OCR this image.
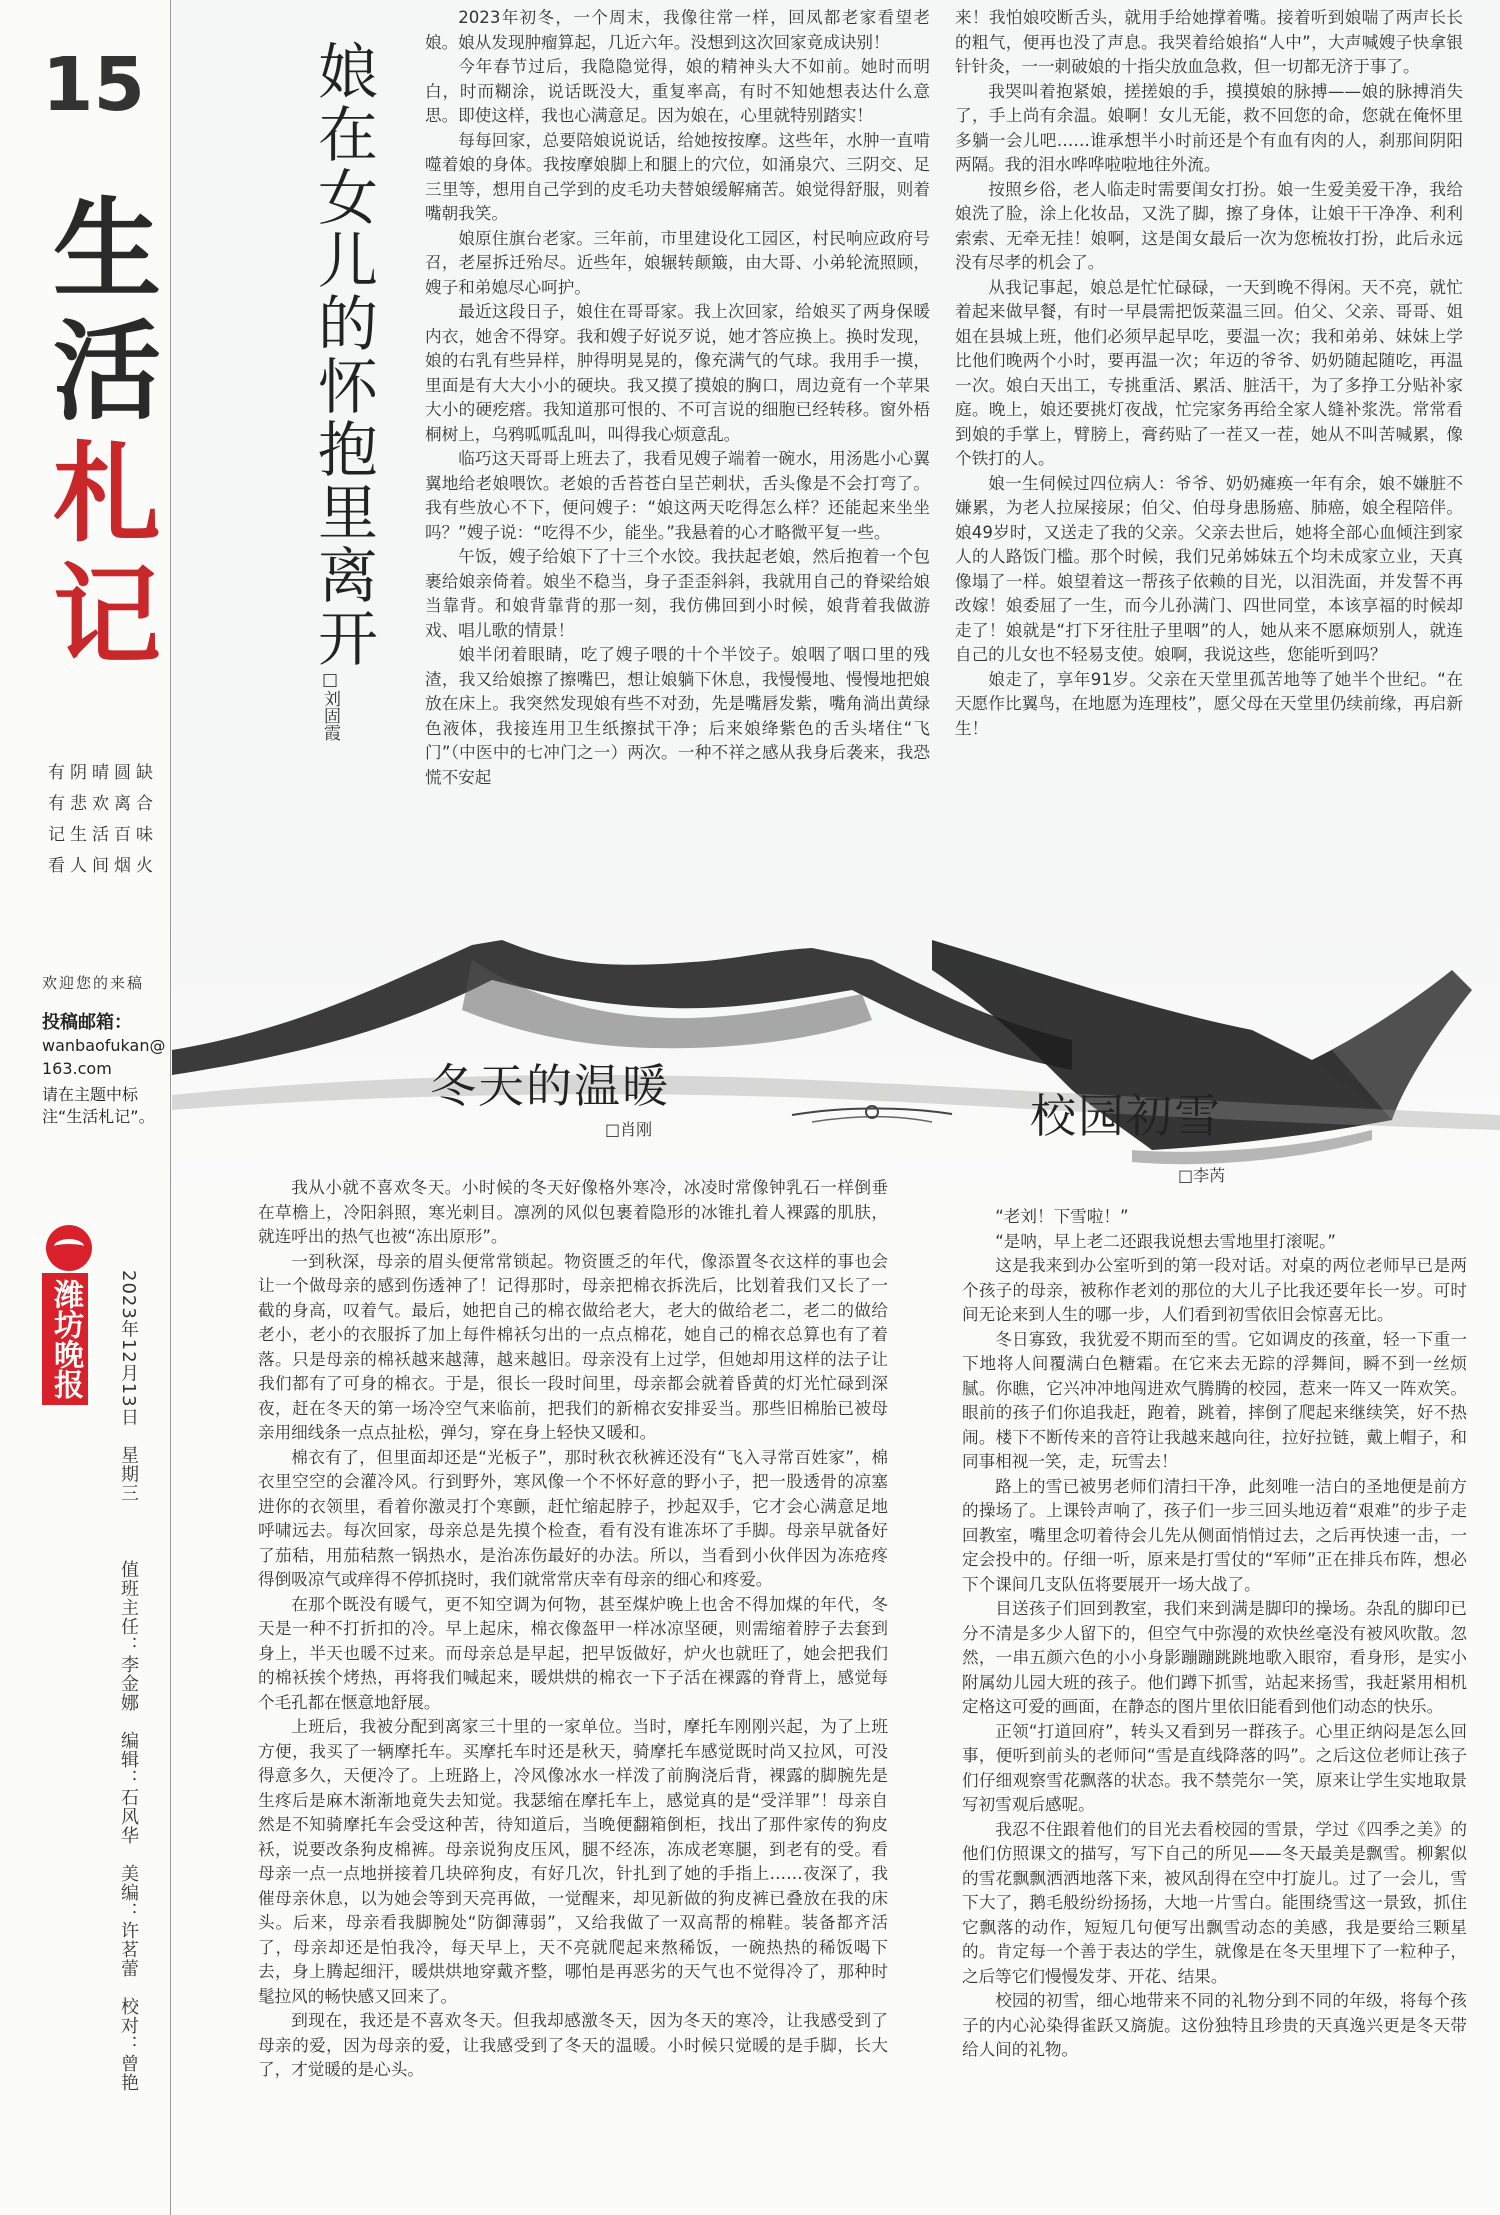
15
生活札记
有阴晴圆缺
有悲欢离合
记生活百味
看人间烟火
欢迎您的来稿
投稿邮箱：
wanbaofukan@163.com
请在主题中标注“生活札记”。
潍坊晚报 2023年12月13日　星期三
值班主任：李金娜　编辑：石风华　美编：许茗蕾　校对：曾艳
娘在女儿的怀抱里离开
□刘固霞

2023年初冬，一个周末，我像往常一样，回凤都老家看望老娘。娘从发现肿瘤算起，几近六年。没想到这次回家竟成诀别！

今年春节过后，我隐隐觉得，娘的精神头大不如前。她时而明白，时而糊涂，说话既没大，重复率高，有时不知她想表达什么意思。即使这样，我也心满意足。因为娘在，心里就特别踏实！

每每回家，总要陪娘说说话，给她按按摩。这些年，水肿一直啃噬着娘的身体。我按摩娘脚上和腿上的穴位，如涌泉穴、三阴交、足三里等，想用自己学到的皮毛功夫替娘缓解痛苦。娘觉得舒服，则着嘴朝我笑。

娘原住旗台老家。三年前，市里建设化工园区，村民响应政府号召，老屋拆迁殆尽。近些年，娘辗转颠簸，由大哥、小弟轮流照顾，嫂子和弟媳尽心呵护。

最近这段日子，娘住在哥哥家。我上次回家，给娘买了两身保暖内衣，她舍不得穿。我和嫂子好说歹说，她才答应换上。换时发现，娘的右乳有些异样，肿得明晃晃的，像充满气的气球。我用手一摸，里面是有大大小小的硬块。我又摸了摸娘的胸口，周边竟有一个苹果大小的硬疙瘩。我知道那可恨的、不可言说的细胞已经转移。窗外梧桐树上，乌鸦呱呱乱叫，叫得我心烦意乱。

临巧这天哥哥上班去了，我看见嫂子端着一碗水，用汤匙小心翼翼地给老娘喂饮。老娘的舌苔苍白呈芒刺状，舌头像是不会打弯了。我有些放心不下，便问嫂子：“娘这两天吃得怎么样？还能起来坐坐吗？”嫂子说：“吃得不少，能坐。”我悬着的心才略微平复一些。

午饭，嫂子给娘下了十三个水饺。我扶起老娘，然后抱着一个包裹给娘亲倚着。娘坐不稳当，身子歪歪斜斜，我就用自己的脊梁给娘当靠背。和娘背靠背的那一刻，我仿佛回到小时候，娘背着我做游戏、唱儿歌的情景！

娘半闭着眼睛，吃了嫂子喂的十个半饺子。娘咽了咽口里的残渣，我又给娘擦了擦嘴巴，想让娘躺下休息，我慢慢地、慢慢地把娘放在床上。我突然发现娘有些不对劲，先是嘴唇发紫，嘴角淌出黄绿色液体，我接连用卫生纸擦拭干净；后来娘绛紫色的舌头堵住“飞门”（中医中的七冲门之一）两次。一种不祥之感从我身后袭来，我恐慌不安起

来！我怕娘咬断舌头，就用手给她撑着嘴。接着听到娘喘了两声长长的粗气，便再也没了声息。我哭着给娘掐“人中”，大声喊嫂子快拿银针针灸，一一刺破娘的十指尖放血急救，但一切都无济于事了。

我哭叫着抱紧娘，搓搓娘的手，摸摸娘的脉搏——娘的脉搏消失了，手上尚有余温。娘啊！女儿无能，救不回您的命，您就在俺怀里多躺一会儿吧……谁承想半小时前还是个有血有肉的人，刹那间阴阳两隔。我的泪水哗哗啦啦地往外流。

按照乡俗，老人临走时需要闺女打扮。娘一生爱美爱干净，我给娘洗了脸，涂上化妆品，又洗了脚，擦了身体，让娘干干净净、利利索索、无牵无挂！娘啊，这是闺女最后一次为您梳妆打扮，此后永远没有尽孝的机会了。

从我记事起，娘总是忙忙碌碌，一天到晚不得闲。天不亮，就忙着起来做早餐，有时一早晨需把饭菜温三回。伯父、父亲、哥哥、姐姐在县城上班，他们必须早起早吃，要温一次；我和弟弟、妹妹上学比他们晚两个小时，要再温一次；年迈的爷爷、奶奶随起随吃，再温一次。娘白天出工，专挑重活、累活、脏活干，为了多挣工分贴补家庭。晚上，娘还要挑灯夜战，忙完家务再给全家人缝补浆洗。常常看到娘的手掌上，臂膀上，膏药贴了一茬又一茬，她从不叫苦喊累，像个铁打的人。

娘一生伺候过四位病人：爷爷、奶奶瘫痪一年有余，娘不嫌脏不嫌累，为老人拉屎接尿；伯父、伯母身患肠癌、肺癌，娘全程陪伴。娘49岁时，又送走了我的父亲。父亲去世后，她将全部心血倾注到家人的人路饭门槛。那个时候，我们兄弟姊妹五个均未成家立业，天真像塌了一样。娘望着这一帮孩子依赖的目光，以泪洗面，并发誓不再改嫁！娘委屈了一生，而今儿孙满门、四世同堂，本该享福的时候却走了！娘就是“打下牙往肚子里咽”的人，她从来不愿麻烦别人，就连自己的儿女也不轻易支使。娘啊，我说这些，您能听到吗？

娘走了，享年91岁。父亲在天堂里孤苦地等了她半个世纪。“在天愿作比翼鸟，在地愿为连理枝”，愿父母在天堂里仍续前缘，再启新生！

冬天的温暖
□肖刚

我从小就不喜欢冬天。小时候的冬天好像格外寒冷，冰凌时常像钟乳石一样倒垂在草檐上，冷阳斜照，寒光刺目。凛冽的风似包裹着隐形的冰锥扎着人裸露的肌肤，就连呼出的热气也被“冻出原形”。

一到秋深，母亲的眉头便常常锁起。物资匮乏的年代，像添置冬衣这样的事也会让一个做母亲的感到伤透神了！记得那时，母亲把棉衣拆洗后，比划着我们又长了一截的身高，叹着气。最后，她把自己的棉衣做给老大，老大的做给老二，老二的做给老小，老小的衣服拆了加上每件棉袄匀出的一点点棉花，她自己的棉衣总算也有了着落。只是母亲的棉袄越来越薄，越来越旧。母亲没有上过学，但她却用这样的法子让我们都有了可身的棉衣。于是，很长一段时间里，母亲都会就着昏黄的灯光忙碌到深夜，赶在冬天的第一场冷空气来临前，把我们的新棉衣安排妥当。那些旧棉胎已被母亲用细线条一点点扯松，弹匀，穿在身上轻快又暖和。

棉衣有了，但里面却还是“光板子”，那时秋衣秋裤还没有“飞入寻常百姓家”，棉衣里空空的会灌冷风。行到野外，寒风像一个不怀好意的野小子，把一股透骨的凉塞进你的衣领里，看着你激灵打个寒颤，赶忙缩起脖子，抄起双手，它才会心满意足地呼啸远去。每次回家，母亲总是先摸个检查，看有没有谁冻坏了手脚。母亲早就备好了茄秸，用茄秸熬一锅热水，是治冻伤最好的办法。所以，当看到小伙伴因为冻疮疼得倒吸凉气或痒得不停抓挠时，我们就常常庆幸有母亲的细心和疼爱。

在那个既没有暖气，更不知空调为何物，甚至煤炉晚上也舍不得加煤的年代，冬天是一种不打折扣的冷。早上起床，棉衣像盔甲一样冰凉坚硬，则需缩着脖子去套到身上，半天也暖不过来。而母亲总是早起，把早饭做好，炉火也就旺了，她会把我们的棉袄挨个烤热，再将我们喊起来，暖烘烘的棉衣一下子活在裸露的脊背上，感觉每个毛孔都在惬意地舒展。

上班后，我被分配到离家三十里的一家单位。当时，摩托车刚刚兴起，为了上班方便，我买了一辆摩托车。买摩托车时还是秋天，骑摩托车感觉既时尚又拉风，可没得意多久，天便冷了。上班路上，冷风像冰水一样泼了前胸浇后背，裸露的脚腕先是生疼后是麻木渐渐地竟失去知觉。我瑟缩在摩托车上，感觉真的是“受洋罪”！母亲自然是不知骑摩托车会受这种苦，待知道后，当晚便翻箱倒柜，找出了那件家传的狗皮袄，说要改条狗皮棉裤。母亲说狗皮压风，腿不经冻，冻成老寒腿，到老有的受。看母亲一点一点地拼接着几块碎狗皮，有好几次，针扎到了她的手指上……夜深了，我催母亲休息，以为她会等到天亮再做，一觉醒来，却见新做的狗皮裤已叠放在我的床头。后来，母亲看我脚腕处“防御薄弱”，又给我做了一双高帮的棉鞋。装备都齐活了，母亲却还是怕我冷，每天早上，天不亮就爬起来熬稀饭，一碗热热的稀饭喝下去，身上腾起细汗，暖烘烘地穿戴齐整，哪怕是再恶劣的天气也不觉得冷了，那种时髦拉风的畅快感又回来了。

到现在，我还是不喜欢冬天。但我却感激冬天，因为冬天的寒冷，让我感受到了母亲的爱，因为母亲的爱，让我感受到了冬天的温暖。小时候只觉暖的是手脚，长大了，才觉暖的是心头。

校园初雪
□李芮

“老刘！下雪啦！”

“是呐，早上老二还跟我说想去雪地里打滚呢。”

这是我来到办公室听到的第一段对话。对桌的两位老师早已是两个孩子的母亲，被称作老刘的那位的大儿子比我还要年长一岁。可时间无论来到人生的哪一步，人们看到初雪依旧会惊喜无比。

冬日寡致，我犹爱不期而至的雪。它如调皮的孩童，轻一下重一下地将人间覆满白色糖霜。在它来去无踪的浮舞间，瞬不到一丝烦腻。你瞧，它兴冲冲地闯进欢气腾腾的校园，惹来一阵又一阵欢笑。眼前的孩子们你追我赶，跑着，跳着，摔倒了爬起来继续笑，好不热闹。楼下不断传来的音符让我越来越向往，拉好拉链，戴上帽子，和同事相视一笑，走，玩雪去！

路上的雪已被男老师们清扫干净，此刻唯一洁白的圣地便是前方的操场了。上课铃声响了，孩子们一步三回头地迈着“艰难”的步子走回教室，嘴里念叨着待会儿先从侧面悄悄过去，之后再快速一击，一定会投中的。仔细一听，原来是打雪仗的“军师”正在排兵布阵，想必下个课间几支队伍将要展开一场大战了。

目送孩子们回到教室，我们来到满是脚印的操场。杂乱的脚印已分不清是多少人留下的，但空气中弥漫的欢快丝毫没有被风吹散。忽然，一串五颜六色的小小身影蹦蹦跳跳地歌入眼帘，看身形，是实小附属幼儿园大班的孩子。他们蹲下抓雪，站起来扬雪，我赶紧用相机定格这可爱的画面，在静态的图片里依旧能看到他们动态的快乐。

正领“打道回府”，转头又看到另一群孩子。心里正纳闷是怎么回事，便听到前头的老师问“雪是直线降落的吗”。之后这位老师让孩子们仔细观察雪花飘落的状态。我不禁莞尔一笑，原来让学生实地取景写初雪观后感呢。

我忍不住跟着他们的目光去看校园的雪景，学过《四季之美》的他们仿照课文的描写，写下自己的所见——冬天最美是飘雪。柳絮似的雪花飘飘洒洒地落下来，被风刮得在空中打旋儿。过了一会儿，雪下大了，鹅毛般纷纷扬扬，大地一片雪白。能围绕雪这一景致，抓住它飘落的动作，短短几句便写出飘雪动态的美感，我是要给三颗星的。肯定每一个善于表达的学生，就像是在冬天里埋下了一粒种子，之后等它们慢慢发芽、开花、结果。

校园的初雪，细心地带来不同的礼物分到不同的年级，将每个孩子的内心沁染得雀跃又旖旎。这份独特且珍贵的天真逸兴更是冬天带给人间的礼物。
